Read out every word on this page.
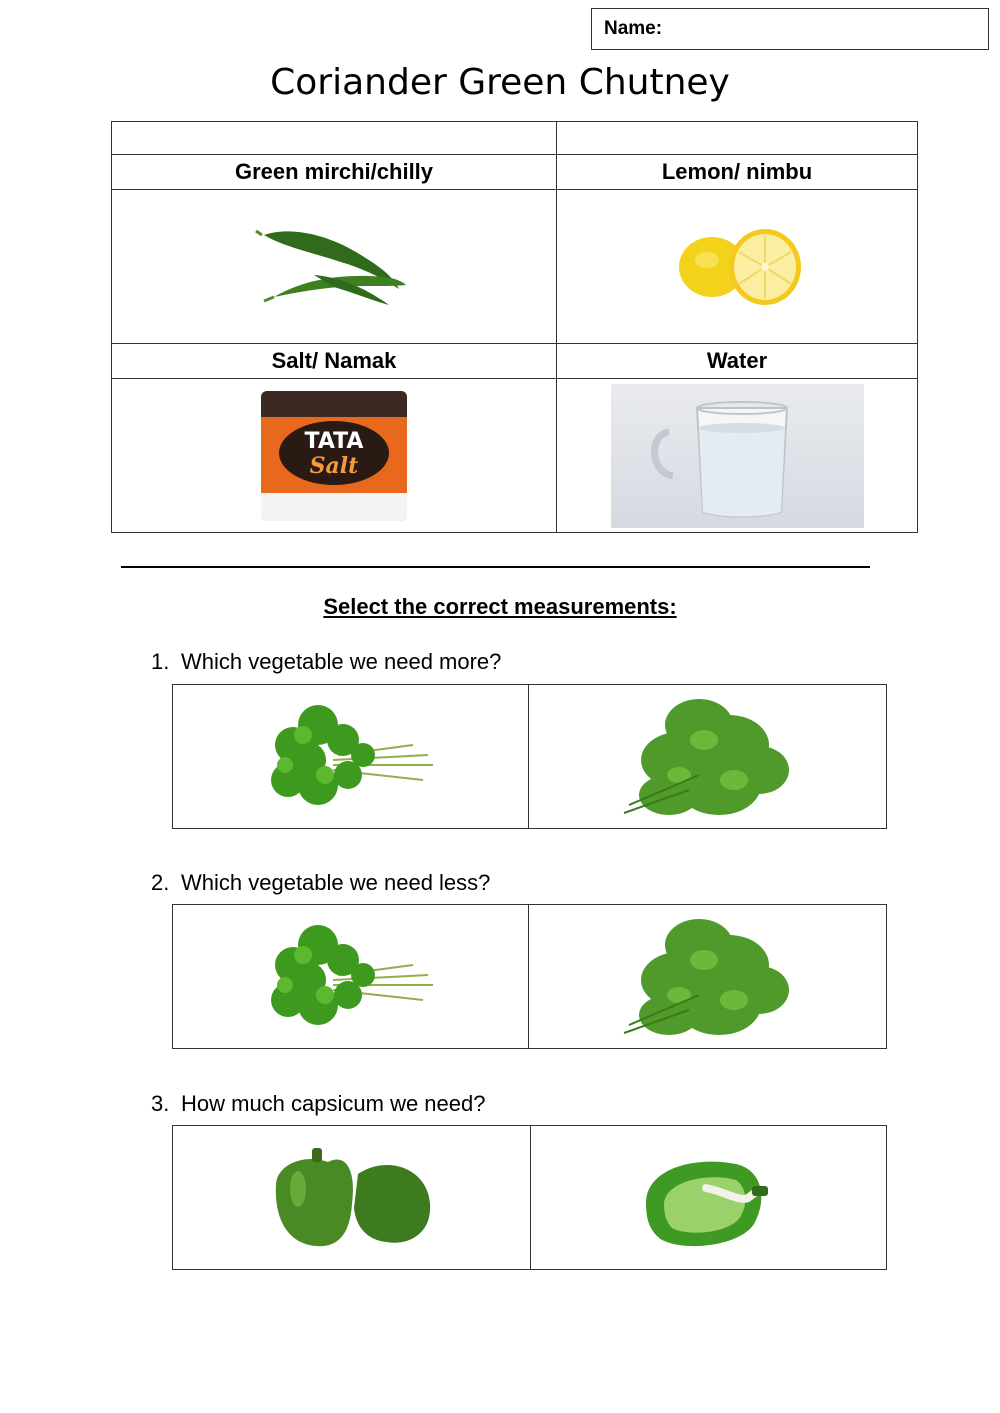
Name:
Coriander Green Chutney

Green mirchi/chilly	Lemon/ nimbu

Salt/ Namak	Water

TATA
Salt

Select the correct measurements:
1. Which vegetable we need more?
2. Which vegetable we need less?
3. How much capsicum we need?
